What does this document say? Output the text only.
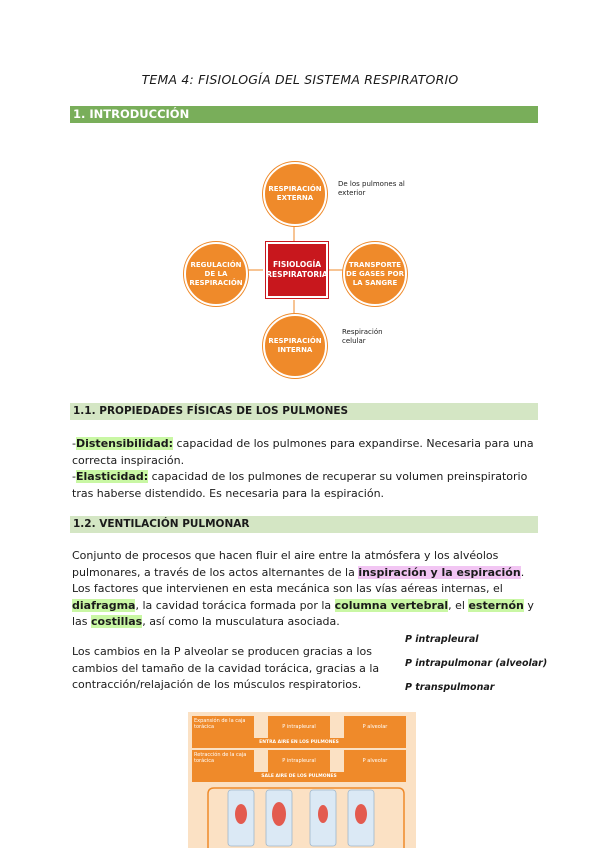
TEMA 4: FISIOLOGÍA DEL SISTEMA RESPIRATORIO
1. INTRODUCCIÓN
RESPIRACIÓN EXTERNA
REGULACIÓN DE LA RESPIRACIÓN
TRANSPORTE DE GASES POR LA SANGRE
RESPIRACIÓN INTERNA
FISIOLOGÍA RESPIRATORIA
De los pulmones al exterior
Respiración celular
1.1. PROPIEDADES FÍSICAS DE LOS PULMONES
-Distensibilidad: capacidad de los pulmones para expandirse. Necesaria para una correcta inspiración.
-Elasticidad: capacidad de los pulmones de recuperar su volumen preinspiratorio tras haberse distendido. Es necesaria para la espiración.
1.2. VENTILACIÓN PULMONAR
Conjunto de procesos que hacen fluir el aire entre la atmósfera y los alvéolos pulmonares, a través de los actos alternantes de la inspiración y la espiración. Los factores que intervienen en esta mecánica son las vías aéreas internas, el diafragma, la cavidad torácica formada por la columna vertebral, el esternón y las costillas, así como la musculatura asociada.
Los cambios en la P alveolar se producen gracias a los cambios del tamaño de la cavidad torácica, gracias a la contracción/relajación de los músculos respiratorios.
P intrapleural
P intrapulmonar (alveolar)
P transpulmonar
Expansión de la caja torácica	P intrapleural	P alveolar
ENTRA AIRE EN LOS PULMONES
Retracción de la caja torácica	P intrapleural	P alveolar
SALE AIRE DE LOS PULMONES
